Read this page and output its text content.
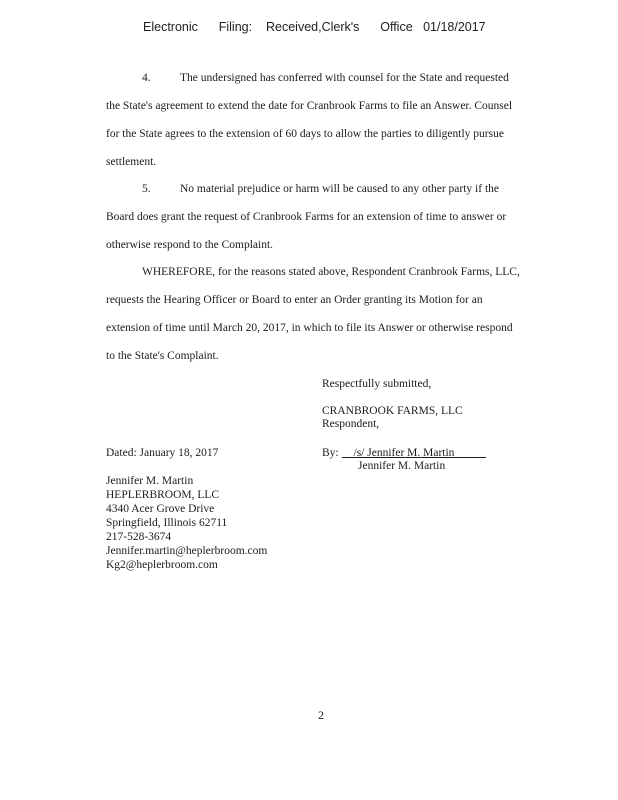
Electronic Filing: Received,Clerk's Office 01/18/2017
4.	The undersigned has conferred with counsel for the State and requested
the State's agreement to extend the date for Cranbrook Farms to file an Answer. Counsel
for the State agrees to the extension of 60 days to allow the parties to diligently pursue
settlement.
5.	No material prejudice or harm will be caused to any other party if the
Board does grant the request of Cranbrook Farms for an extension of time to answer or
otherwise respond to the Complaint.
WHEREFORE, for the reasons stated above, Respondent Cranbrook Farms, LLC,
requests the Hearing Officer or Board to enter an Order granting its Motion for an
extension of time until March 20, 2017, in which to file its Answer or otherwise respond
to the State's Complaint.
Respectfully submitted,
CRANBROOK FARMS, LLC
Respondent,
Dated: January 18, 2017	By:	/s/ Jennifer M. Martin
Jennifer M. Martin
Jennifer M. Martin
HEPLERBROOM, LLC
4340 Acer Grove Drive
Springfield, Illinois 62711
217-528-3674
Jennifer.martin@heplerbroom.com
Kg2@heplerbroom.com
2
